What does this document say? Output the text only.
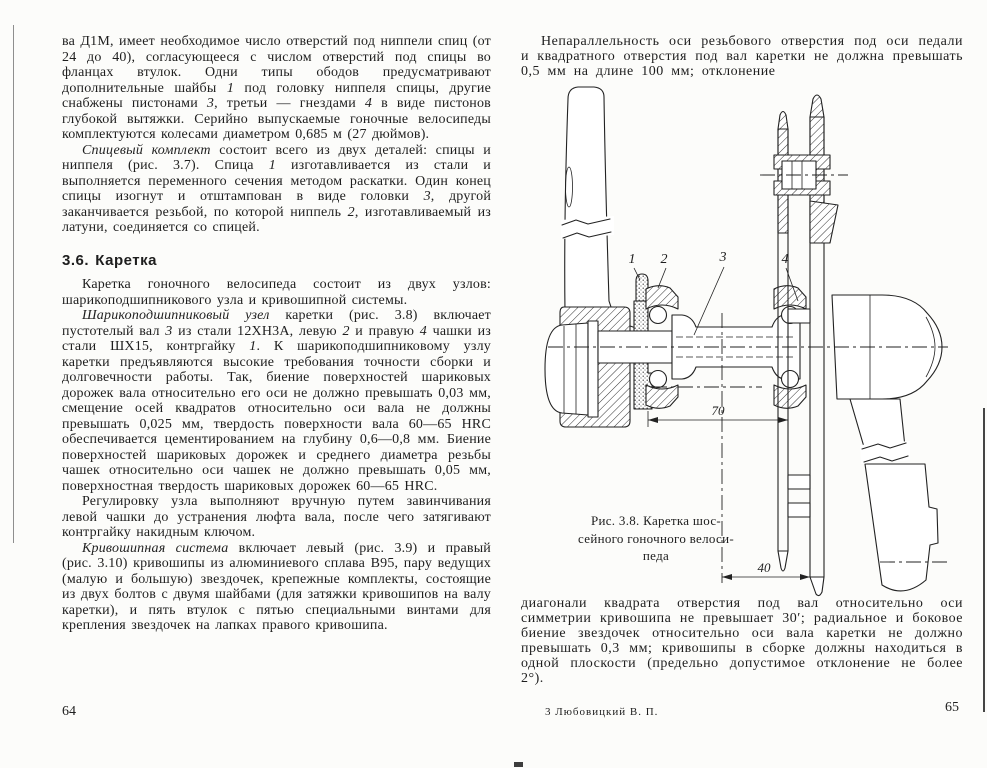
ва Д1М, имеет необходимое число отверстий под ниппели спиц (от 24 до 40), согласующееся с числом отверстий под спицы во фланцах втулок. Одни типы ободов предусматривают дополнительные шайбы 1 под головку ниппеля спицы, другие снабжены пистонами 3, третьи — гнездами 4 в виде пистонов глубокой вытяжки. Серийно выпускаемые гоночные велосипеды комплектуются колесами диаметром 0,685 м (27 дюймов).

Спицевый комплект состоит всего из двух деталей: спицы и ниппеля (рис. 3.7). Спица 1 изготавливается из стали и выполняется переменного сечения методом раскатки. Один конец спицы изогнут и отштампован в виде головки 3, другой заканчивается резьбой, по которой ниппель 2, изготавливаемый из латуни, соединяется со спицей.

3.6. Каретка

Каретка гоночного велосипеда состоит из двух узлов: шарикоподшипникового узла и кривошипной системы.

Шарикоподшипниковый узел каретки (рис. 3.8) включает пустотелый вал 3 из стали 12ХН3А, левую 2 и правую 4 чашки из стали ШХ15, контргайку 1. К шарикоподшипниковому узлу каретки предъявляются высокие требования точности сборки и долговечности работы. Так, биение поверхностей шариковых дорожек вала относительно его оси не должно превышать 0,03 мм, смещение осей квадратов относительно оси вала не должны превышать 0,025 мм, твердость поверхности вала 60—65 HRC обеспечивается цементированием на глубину 0,6—0,8 мм. Биение поверхностей шариковых дорожек и среднего диаметра резьбы чашек относительно оси чашек не должно превышать 0,05 мм, поверхностная твердость шариковых дорожек 60—65 HRC.

Регулировку узла выполняют вручную путем завинчивания левой чашки до устранения люфта вала, после чего затягивают контргайку накидным ключом.

Кривошипная система включает левый (рис. 3.9) и правый (рис. 3.10) кривошипы из алюминиевого сплава В95, пару ведущих (малую и большую) звездочек, крепежные комплекты, состоящие из двух болтов с двумя шайбами (для затяжки кривошипов на валу каретки), и пять втулок с пятью специальными винтами для крепления звездочек на лапках правого кривошипа.

64

Непараллельность оси резьбового отверстия под оси педали и квадратного отверстия под вал каретки не должна превышать 0,5 мм на длине 100 мм; отклонение

1 2	3	4
70
40
Рис. 3.8. Каретка шос-
сейного гоночного велоси-
педа

диагонали квадрата отверстия под вал относительно оси симметрии кривошипа не превышает 30′; радиальное и боковое биение звездочек относительно оси вала каретки не должно превышать 0,3 мм; кривошипы в сборке должны находиться в одной плоскости (предельно допустимое отклонение не более 2°).

3 Любовицкий В. П.	65
